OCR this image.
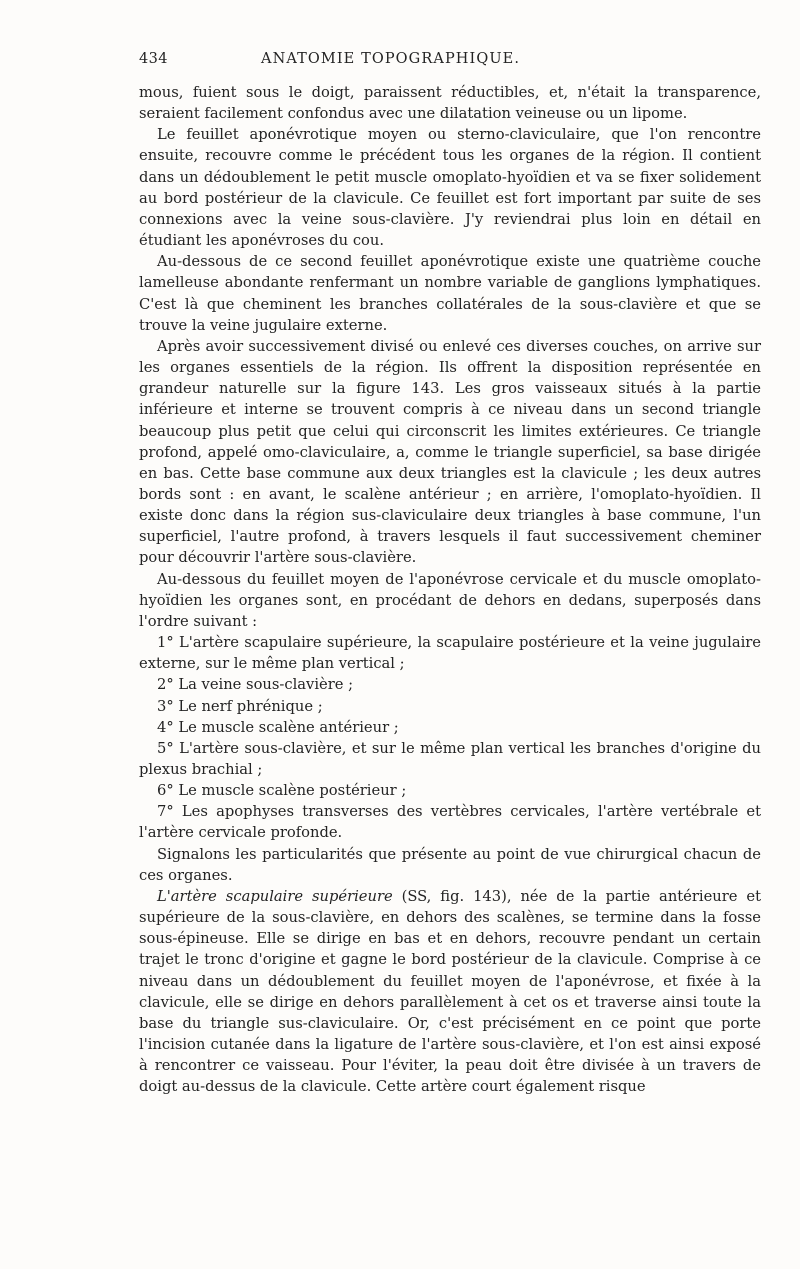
434	ANATOMIE TOPOGRAPHIQUE.

mous, fuient sous le doigt, paraissent réductibles, et, n'était la transparence, seraient facilement confondus avec une dilatation veineuse ou un lipome.

Le feuillet aponévrotique moyen ou sterno-claviculaire, que l'on rencontre ensuite, recouvre comme le précédent tous les organes de la région. Il contient dans un dédoublement le petit muscle omoplato-hyoïdien et va se fixer solidement au bord postérieur de la clavicule. Ce feuillet est fort important par suite de ses connexions avec la veine sous-clavière. J'y reviendrai plus loin en détail en étudiant les aponévroses du cou.

Au-dessous de ce second feuillet aponévrotique existe une quatrième couche lamelleuse abondante renfermant un nombre variable de ganglions lymphatiques. C'est là que cheminent les branches collatérales de la sous-clavière et que se trouve la veine jugulaire externe.

Après avoir successivement divisé ou enlevé ces diverses couches, on arrive sur les organes essentiels de la région. Ils offrent la disposition représentée en grandeur naturelle sur la figure 143. Les gros vaisseaux situés à la partie inférieure et interne se trouvent compris à ce niveau dans un second triangle beaucoup plus petit que celui qui circonscrit les limites extérieures. Ce triangle profond, appelé omo-claviculaire, a, comme le triangle superficiel, sa base dirigée en bas. Cette base commune aux deux triangles est la clavicule ; les deux autres bords sont : en avant, le scalène antérieur ; en arrière, l'omoplato-hyoïdien. Il existe donc dans la région sus-claviculaire deux triangles à base commune, l'un superficiel, l'autre profond, à travers lesquels il faut successivement cheminer pour découvrir l'artère sous-clavière.

Au-dessous du feuillet moyen de l'aponévrose cervicale et du muscle omoplato-hyoïdien les organes sont, en procédant de dehors en dedans, superposés dans l'ordre suivant :

1° L'artère scapulaire supérieure, la scapulaire postérieure et la veine jugulaire externe, sur le même plan vertical ;

2° La veine sous-clavière ;

3° Le nerf phrénique ;

4° Le muscle scalène antérieur ;

5° L'artère sous-clavière, et sur le même plan vertical les branches d'origine du plexus brachial ;

6° Le muscle scalène postérieur ;

7° Les apophyses transverses des vertèbres cervicales, l'artère vertébrale et l'artère cervicale profonde.

Signalons les particularités que présente au point de vue chirurgical chacun de ces organes.

L'artère scapulaire supérieure (SS, fig. 143), née de la partie antérieure et supérieure de la sous-clavière, en dehors des scalènes, se termine dans la fosse sous-épineuse. Elle se dirige en bas et en dehors, recouvre pendant un certain trajet le tronc d'origine et gagne le bord postérieur de la clavicule. Comprise à ce niveau dans un dédoublement du feuillet moyen de l'aponévrose, et fixée à la clavicule, elle se dirige en dehors parallèlement à cet os et traverse ainsi toute la base du triangle sus-claviculaire. Or, c'est précisément en ce point que porte l'incision cutanée dans la ligature de l'artère sous-clavière, et l'on est ainsi exposé à rencontrer ce vaisseau. Pour l'éviter, la peau doit être divisée à un travers de doigt au-dessus de la clavicule. Cette artère court également risque
